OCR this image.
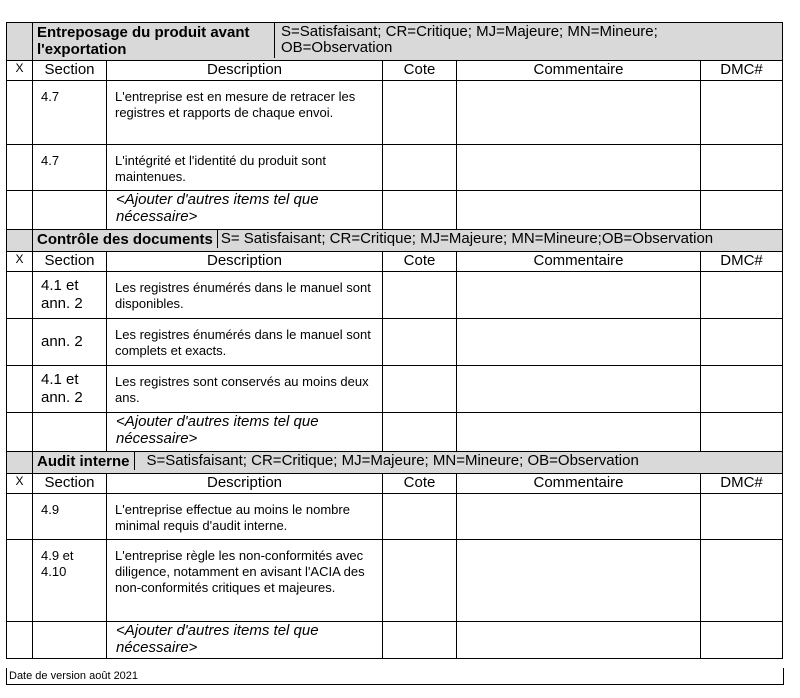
	Entreposage du produit avant l'exportation
S=Satisfaisant; CR=Critique; MJ=Majeure; MN=Mineure; OB=Observation				

X	Section	Description	Cote	Commentaire	DMC#
	4.7	L'entreprise est en mesure de retracer les registres et rapports de chaque envoi.			
	4.7	L'intégrité et l'identité du produit sont maintenues.			
		<Ajouter d'autres items tel que nécessaire>			

	Contrôle des documents S= Satisfaisant; CR=Critique; MJ=Majeure; MN=Mineure;OB=Observation				

X	Section	Description	Cote	Commentaire	DMC#
	4.1 et ann. 2	Les registres énumérés dans le manuel sont disponibles.			
	ann. 2	Les registres énumérés dans le manuel sont complets et exacts.			
	4.1 et ann. 2	Les registres sont conservés au moins deux ans.			
		<Ajouter d'autres items tel que nécessaire>			

	Audit interne S=Satisfaisant; CR=Critique; MJ=Majeure; MN=Mineure; OB=Observation				

X	Section	Description	Cote	Commentaire	DMC#
	4.9	L'entreprise effectue au moins le nombre minimal requis d'audit interne.			
	4.9 et 4.10	L'entreprise règle les non-conformités avec diligence, notamment en avisant l'ACIA des non-conformités critiques et majeures.			
		<Ajouter d'autres items tel que nécessaire>			
Date de version août 2021
